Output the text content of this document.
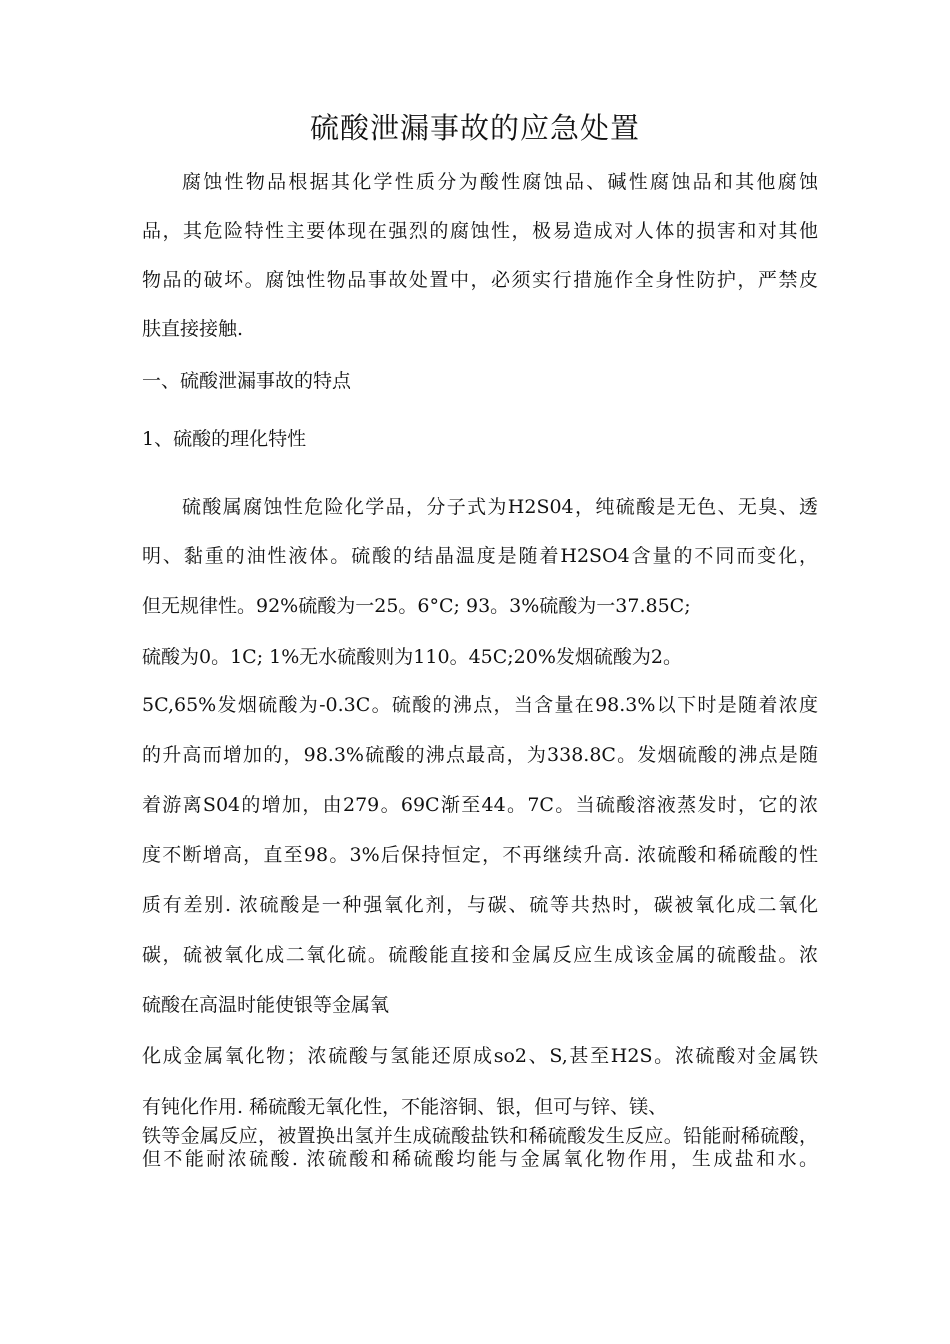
硫酸泄漏事故的应急处置
腐蚀性物品根据其化学性质分为酸性腐蚀品、碱性腐蚀品和其他腐蚀
品，其危险特性主要体现在强烈的腐蚀性，极易造成对人体的损害和对其他
物品的破坏。腐蚀性物品事故处置中，必须实行措施作全身性防护，严禁皮
肤直接接触.
一、硫酸泄漏事故的特点
1、硫酸的理化特性
硫酸属腐蚀性危险化学品，分子式为H2S04，纯硫酸是无色、无臭、透
明、黏重的油性液体。硫酸的结晶温度是随着H2SO4含量的不同而变化，
但无规律性。92%硫酸为一25。6°C; 93。3%硫酸为一37.85C;
硫酸为0。1C; 1%无水硫酸则为110。45C;20%发烟硫酸为2。
5C,65%发烟硫酸为-0.3C。硫酸的沸点，当含量在98.3%以下时是随着浓度
的升高而增加的，98.3%硫酸的沸点最高，为338.8C。发烟硫酸的沸点是随
着游离S04的增加，由279。69C渐至44。7C。当硫酸溶液蒸发时，它的浓
度不断增高，直至98。3%后保持恒定，不再继续升高. 浓硫酸和稀硫酸的性
质有差别. 浓硫酸是一种强氧化剂，与碳、硫等共热时，碳被氧化成二氧化
碳，硫被氧化成二氧化硫。硫酸能直接和金属反应生成该金属的硫酸盐。浓
硫酸在高温时能使银等金属氧
化成金属氧化物；浓硫酸与氢能还原成so2、S,甚至H2S。浓硫酸对金属铁
有钝化作用. 稀硫酸无氧化性，不能溶铜、银，但可与锌、镁、
铁等金属反应，被置换出氢并生成硫酸盐铁和稀硫酸发生反应。铅能耐稀硫酸，但不能耐浓硫酸. 浓硫酸和稀硫酸均能与金属氧化物作用，生成盐和水。
